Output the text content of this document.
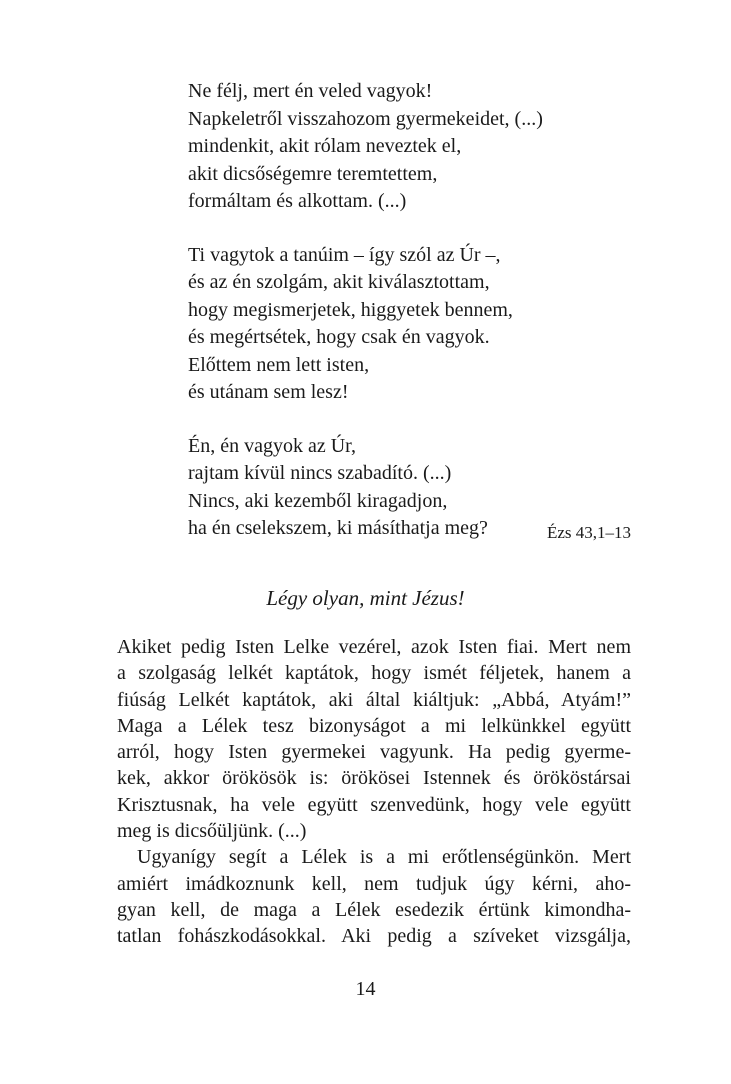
Ne félj, mert én veled vagyok!
Napkeletről visszahozom gyermekeidet, (...)
mindenkit, akit rólam neveztek el,
akit dicsőségemre teremtettem,
formáltam és alkottam. (...)
Ti vagytok a tanúim – így szól az Úr –,
és az én szolgám, akit kiválasztottam,
hogy megismerjetek, higgyetek bennem,
és megértsétek, hogy csak én vagyok.
Előttem nem lett isten,
és utánam sem lesz!
Én, én vagyok az Úr,
rajtam kívül nincs szabadító. (...)
Nincs, aki kezemből kiragadjon,
ha én cselekszem, ki másíthatja meg?	Ézs 43,1–13
Légy olyan, mint Jézus!
Akiket pedig Isten Lelke vezérel, azok Isten fiai. Mert nem
a szolgaság lelkét kaptátok, hogy ismét féljetek, hanem a
fiúság Lelkét kaptátok, aki által kiáltjuk: „Abbá, Atyám!”
Maga a Lélek tesz bizonyságot a mi lelkünkkel együtt
arról, hogy Isten gyermekei vagyunk. Ha pedig gyerme-
kek, akkor örökösök is: örökösei Istennek és örököstársai
Krisztusnak, ha vele együtt szenvedünk, hogy vele együtt
meg is dicsőüljünk. (...)
Ugyanígy segít a Lélek is a mi erőtlenségünkön. Mert
amiért imádkoznunk kell, nem tudjuk úgy kérni, aho-
gyan kell, de maga a Lélek esedezik értünk kimondha-
tatlan fohászkodásokkal. Aki pedig a szíveket vizsgálja,
14
